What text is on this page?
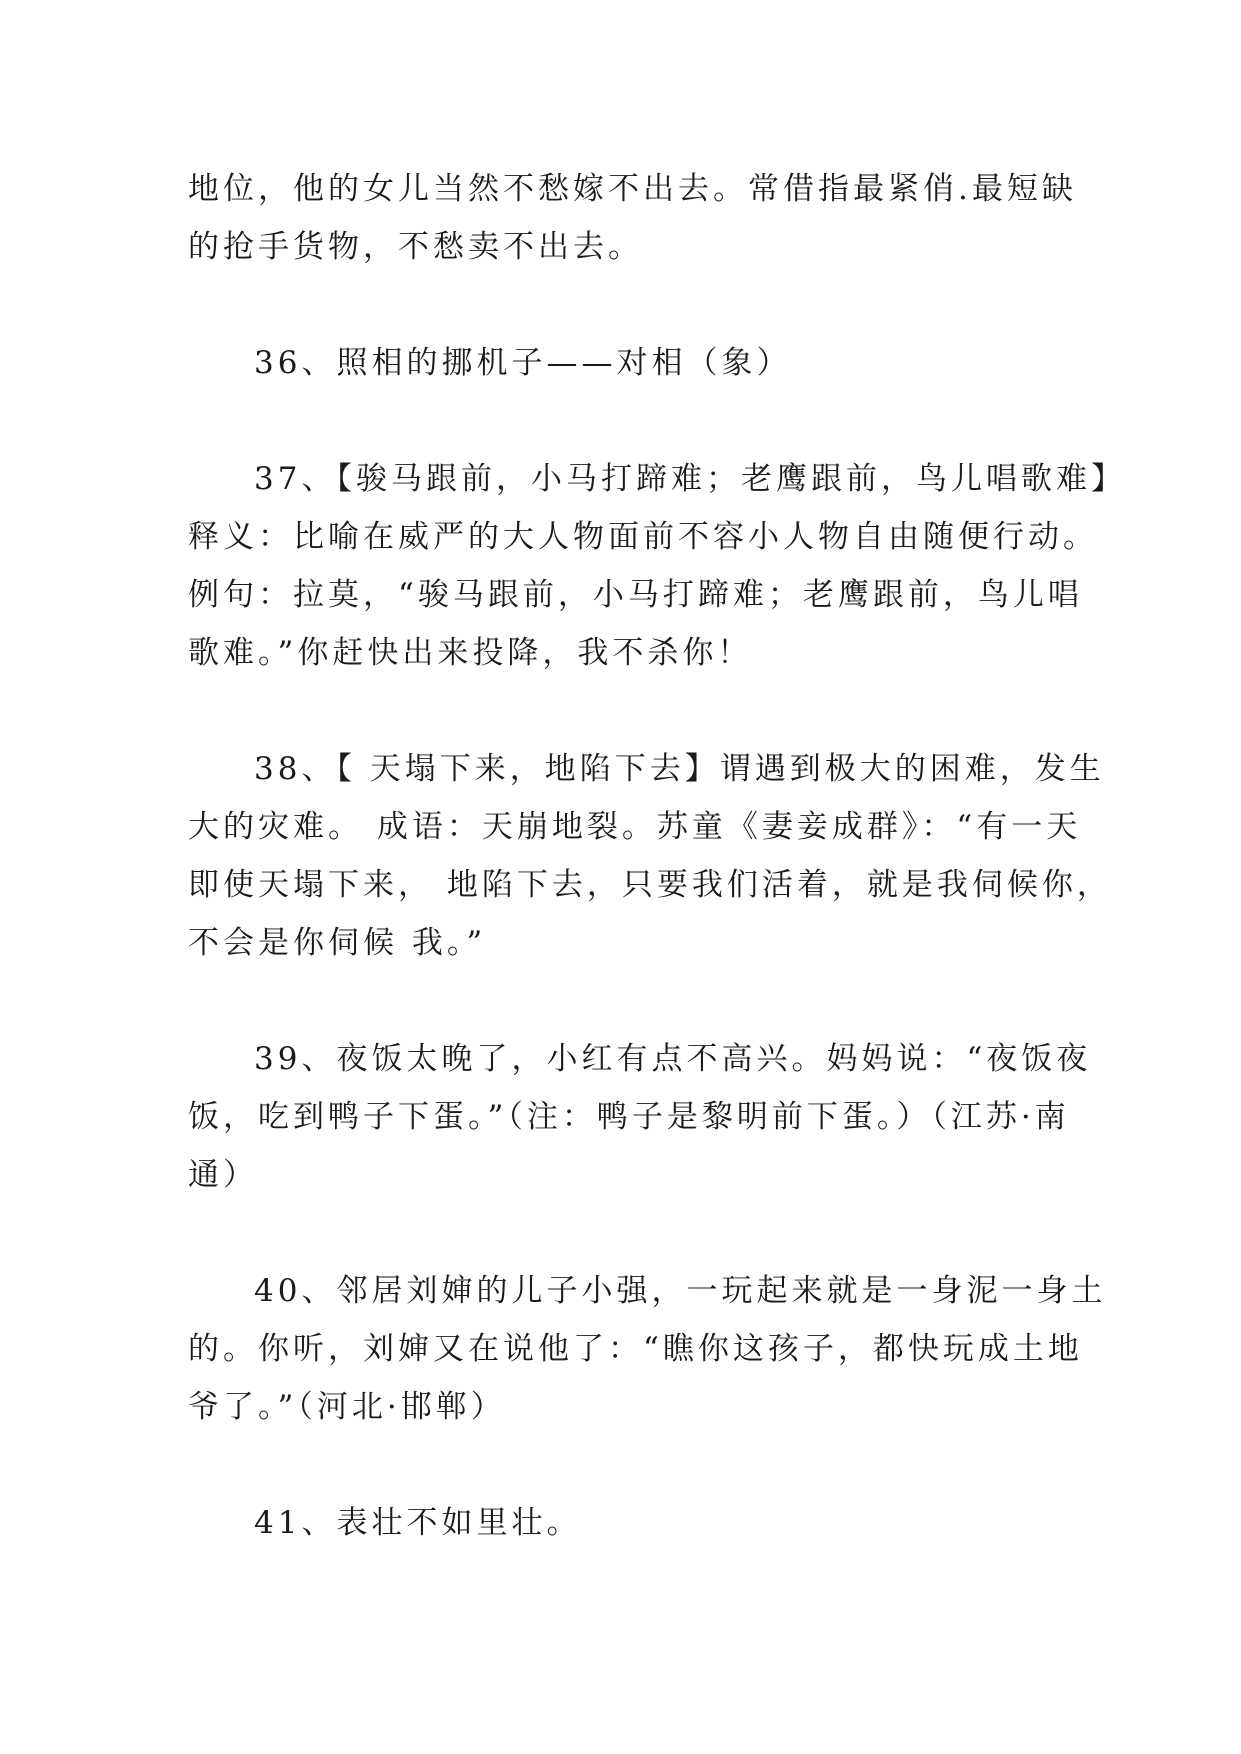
地位，他的女儿当然不愁嫁不出去。常借指最紧俏.最短缺
的抢手货物，不愁卖不出去。
36、照相的挪机子——对相（象）
37、【骏马跟前，小马打蹄难；老鹰跟前，鸟儿唱歌难】
释义：比喻在威严的大人物面前不容小人物自由随便行动。
例句：拉莫，“骏马跟前，小马打蹄难；老鹰跟前，鸟儿唱
歌难。”你赶快出来投降，我不杀你！
38、【 天塌下来，地陷下去】谓遇到极大的困难，发生
大的灾难。 成语：天崩地裂。苏童《妻妾成群》：“有一天
即使天塌下来， 地陷下去，只要我们活着，就是我伺候你，
不会是你伺候 我。”
39、夜饭太晚了，小红有点不高兴。妈妈说：“夜饭夜
饭，吃到鸭子下蛋。”（注：鸭子是黎明前下蛋。）（江苏·南
通）
40、邻居刘婶的儿子小强，一玩起来就是一身泥一身土
的。你听，刘婶又在说他了：“瞧你这孩子，都快玩成土地
爷了。”（河北·邯郸）
41、表壮不如里壮。
